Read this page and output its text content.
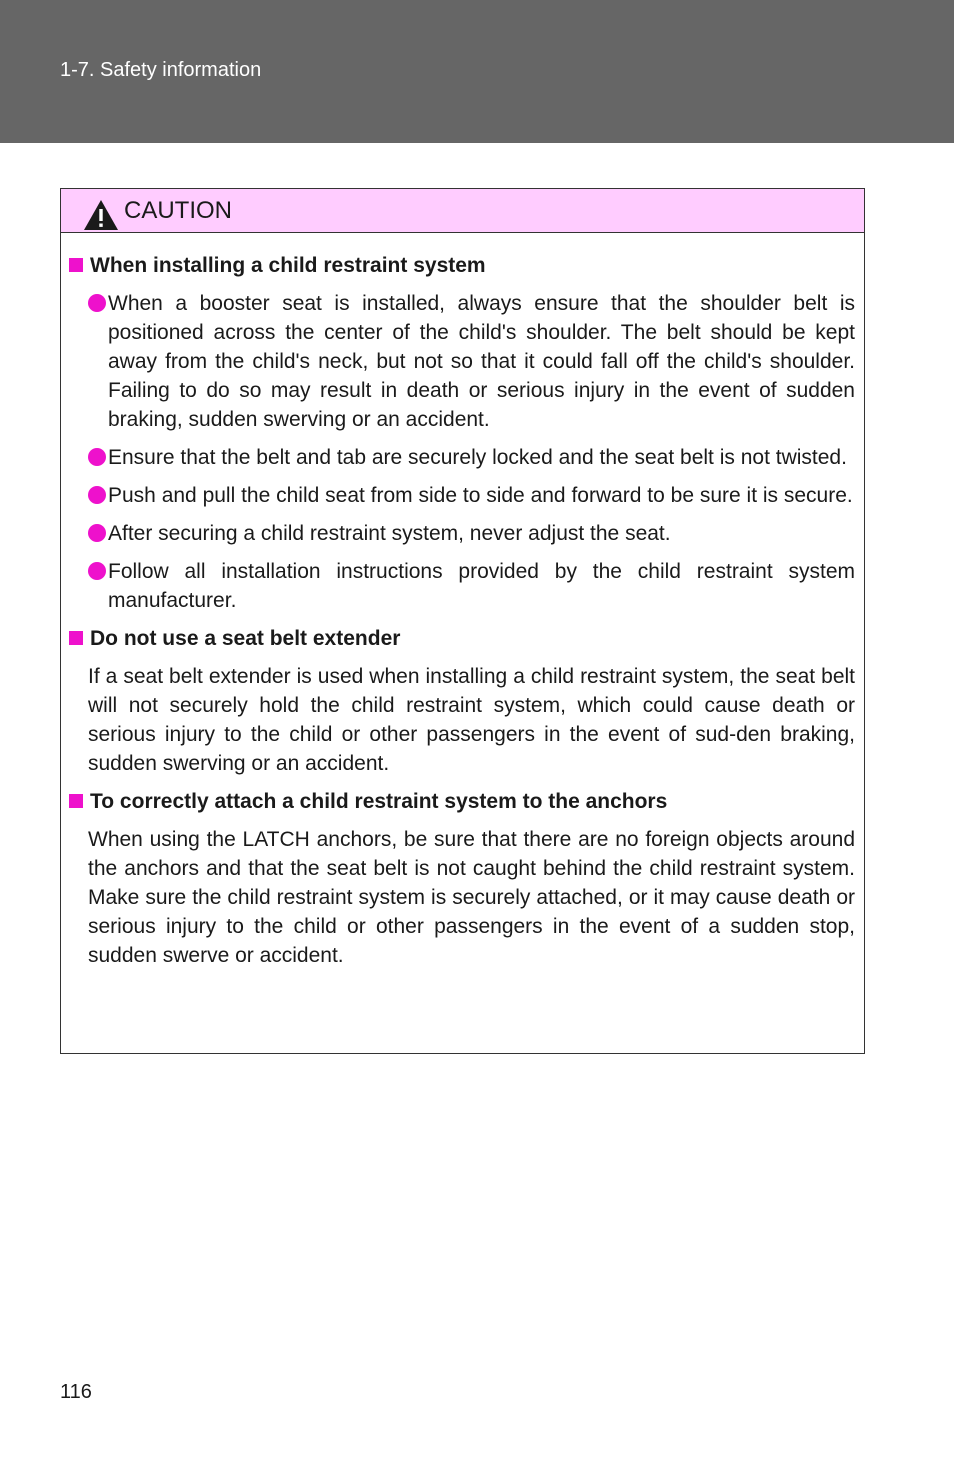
1-7. Safety information
CAUTION
When installing a child restraint system
When a booster seat is installed, always ensure that the shoulder belt is positioned across the center of the child's shoulder. The belt should be kept away from the child's neck, but not so that it could fall off the child's shoulder. Failing to do so may result in death or serious injury in the event of sudden braking, sudden swerving or an accident.
Ensure that the belt and tab are securely locked and the seat belt is not twisted.
Push and pull the child seat from side to side and forward to be sure it is secure.
After securing a child restraint system, never adjust the seat.
Follow all installation instructions provided by the child restraint system manufacturer.
Do not use a seat belt extender
If a seat belt extender is used when installing a child restraint system, the seat belt will not securely hold the child restraint system, which could cause death or serious injury to the child or other passengers in the event of sud-den braking, sudden swerving or an accident.
To correctly attach a child restraint system to the anchors
When using the LATCH anchors, be sure that there are no foreign objects around the anchors and that the seat belt is not caught behind the child restraint system. Make sure the child restraint system is securely attached, or it may cause death or serious injury to the child or other passengers in the event of a sudden stop, sudden swerve or accident.
116
